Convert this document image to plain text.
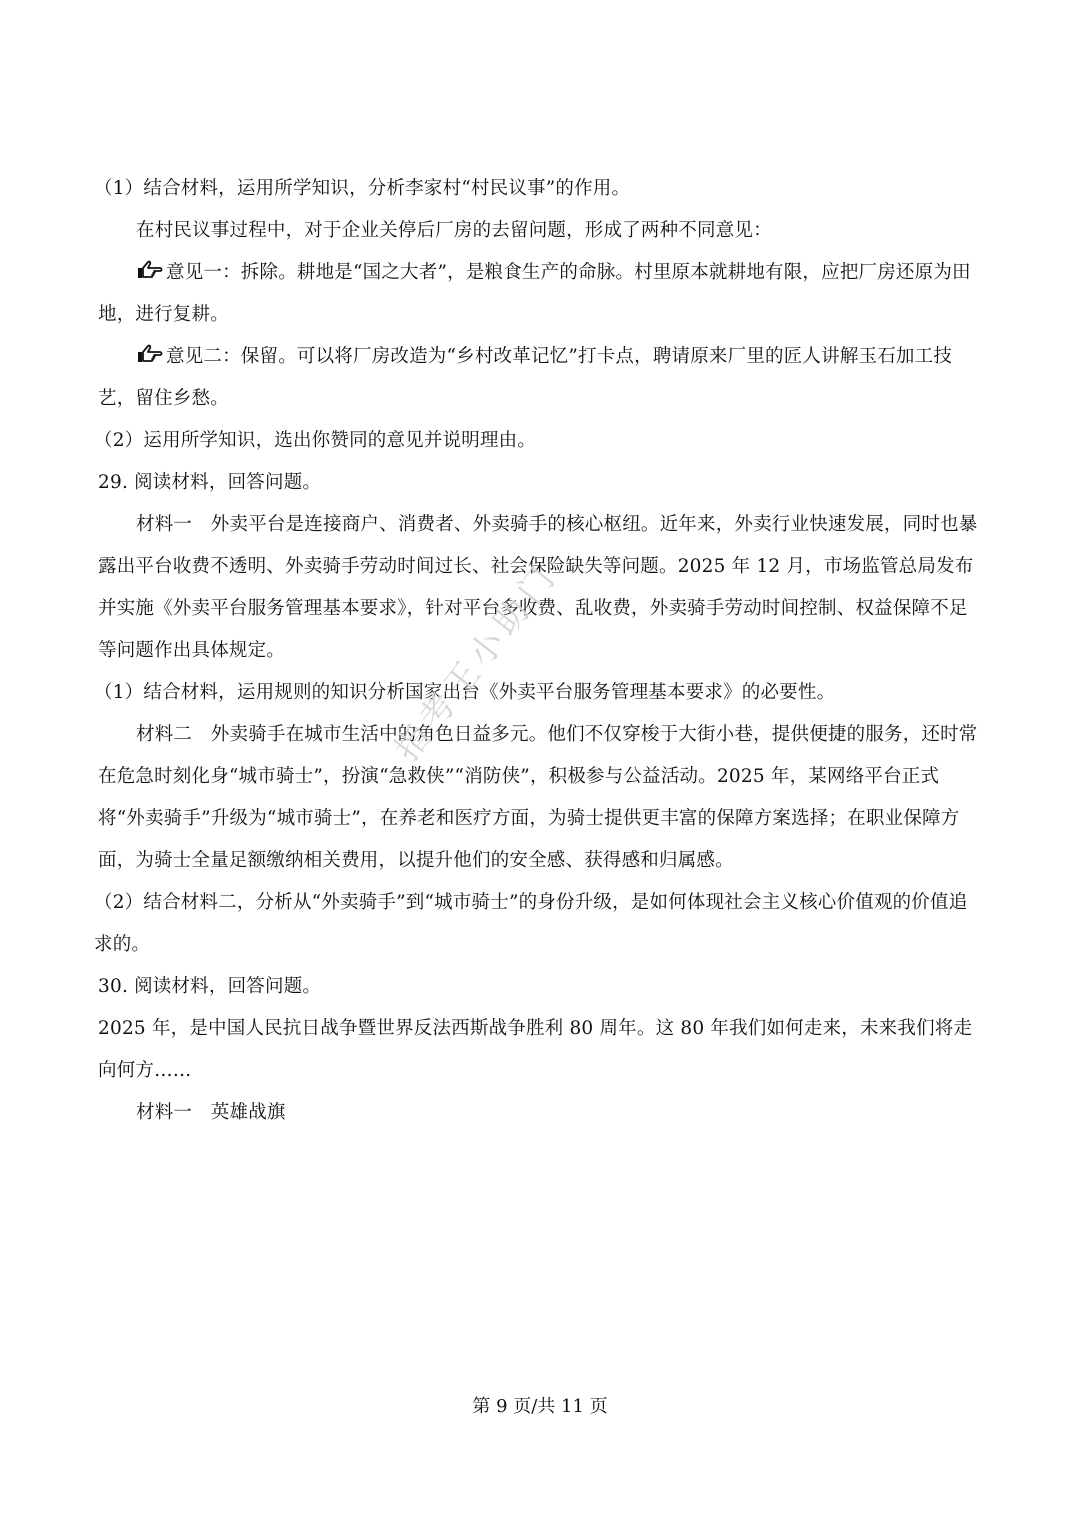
（1）结合材料，运用所学知识，分析李家村“村民议事”的作用。

在村民议事过程中，对于企业关停后厂房的去留问题，形成了两种不同意见：

意见一：拆除。耕地是“国之大者”，是粮食生产的命脉。村里原本就耕地有限，应把厂房还原为田地，进行复耕。

意见二：保留。可以将厂房改造为“乡村改革记忆”打卡点，聘请原来厂里的匠人讲解玉石加工技艺，留住乡愁。

（2）运用所学知识，选出你赞同的意见并说明理由。

29. 阅读材料，回答问题。

材料一　外卖平台是连接商户、消费者、外卖骑手的核心枢纽。近年来，外卖行业快速发展，同时也暴露出平台收费不透明、外卖骑手劳动时间过长、社会保险缺失等问题。2025 年 12 月，市场监管总局发布并实施《外卖平台服务管理基本要求》，针对平台多收费、乱收费，外卖骑手劳动时间控制、权益保障不足等问题作出具体规定。

（1）结合材料，运用规则的知识分析国家出台《外卖平台服务管理基本要求》的必要性。

材料二　外卖骑手在城市生活中的角色日益多元。他们不仅穿梭于大街小巷，提供便捷的服务，还时常在危急时刻化身“城市骑士”，扮演“急救侠”“消防侠”，积极参与公益活动。2025 年，某网络平台正式将“外卖骑手”升级为“城市骑士”，在养老和医疗方面，为骑士提供更丰富的保障方案选择；在职业保障方面，为骑士全量足额缴纳相关费用，以提升他们的安全感、获得感和归属感。

（2）结合材料二，分析从“外卖骑手”到“城市骑士”的身份升级，是如何体现社会主义核心价值观的价值追求的。

30. 阅读材料，回答问题。

2025 年，是中国人民抗日战争暨世界反法西斯战争胜利 80 周年。这 80 年我们如何走来，未来我们将走向何方……

材料一　英雄战旗

指考王小助门
第 9 页/共 11 页
